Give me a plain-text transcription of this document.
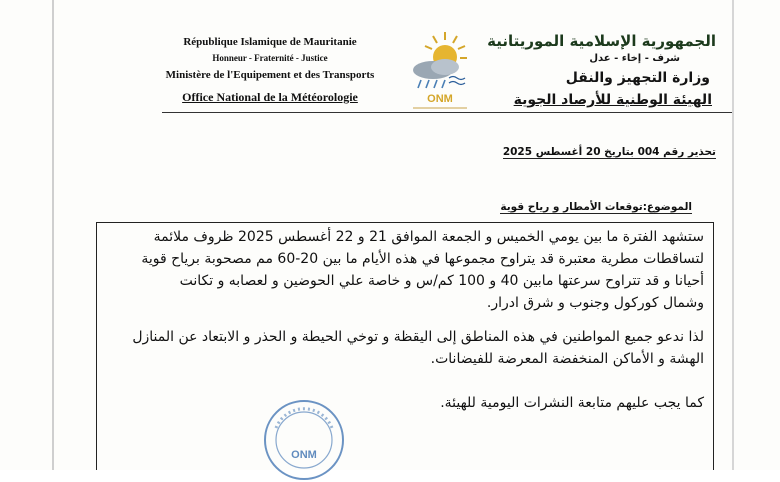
République Islamique de Mauritanie
Honneur - Fraternité - Justice
Ministère de l'Equipement et des Transports
Office National de la Météorologie	ONM
الجمهورية الإسلامية الموريتانية
شرف - إخاء - عدل
وزارة التجهيز والنقل
الهيئة الوطنية للأرصاد الجوية
تحذير رقم 004 بتاريخ 20 أغسطس 2025
الموضوع:توقعات الأمطار و رياح قوية
ستشهد الفترة ما بين يومي الخميس و الجمعة الموافق 21 و 22 أغسطس 2025 ظروف ملائمة
لتساقطات مطرية معتبرة قد يتراوح مجموعها في هذه الأيام ما بين 20-60 مم مصحوبة برياح قوية
أحيانا و قد تتراوح سرعتها مابين 40 و 100 كم/س و خاصة علي الحوضين و لعصابه و تكانت
وشمال كوركول وجنوب و شرق ادرار.
لذا ندعو جميع المواطنين في هذه المناطق إلى اليقظة و توخي الحيطة و الحذر و الابتعاد عن المنازل
الهشة و الأماكن المنخفضة المعرضة للفيضانات.
كما يجب عليهم متابعة النشرات اليومية للهيئة.
ONM
